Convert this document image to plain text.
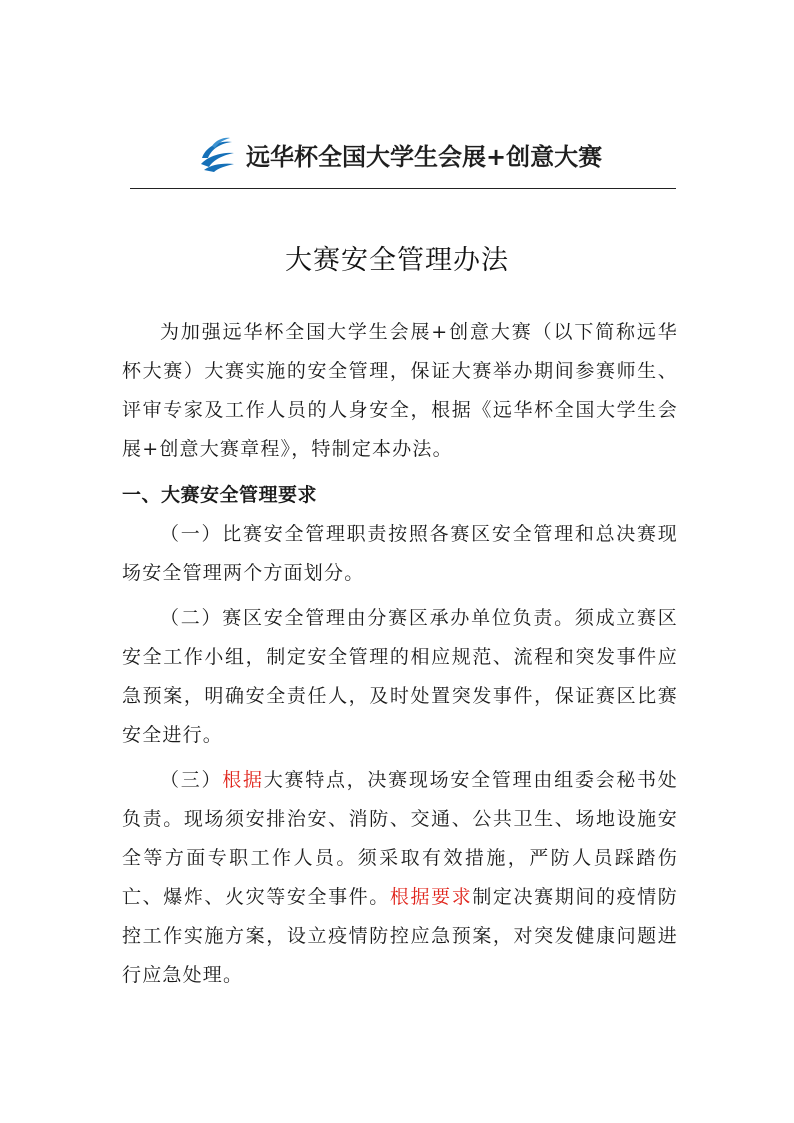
远华杯全国大学生会展+创意大赛
大赛安全管理办法

为加强远华杯全国大学生会展+创意大赛（以下简称远华杯大赛）大赛实施的安全管理，保证大赛举办期间参赛师生、评审专家及工作人员的人身安全，根据《远华杯全国大学生会展+创意大赛章程》，特制定本办法。

一、大赛安全管理要求

（一）比赛安全管理职责按照各赛区安全管理和总决赛现场安全管理两个方面划分。

（二）赛区安全管理由分赛区承办单位负责。须成立赛区安全工作小组，制定安全管理的相应规范、流程和突发事件应急预案，明确安全责任人，及时处置突发事件，保证赛区比赛安全进行。

（三）根据大赛特点，决赛现场安全管理由组委会秘书处负责。现场须安排治安、消防、交通、公共卫生、场地设施安全等方面专职工作人员。须采取有效措施，严防人员踩踏伤亡、爆炸、火灾等安全事件。根据要求制定决赛期间的疫情防控工作实施方案，设立疫情防控应急预案，对突发健康问题进行应急处理。
